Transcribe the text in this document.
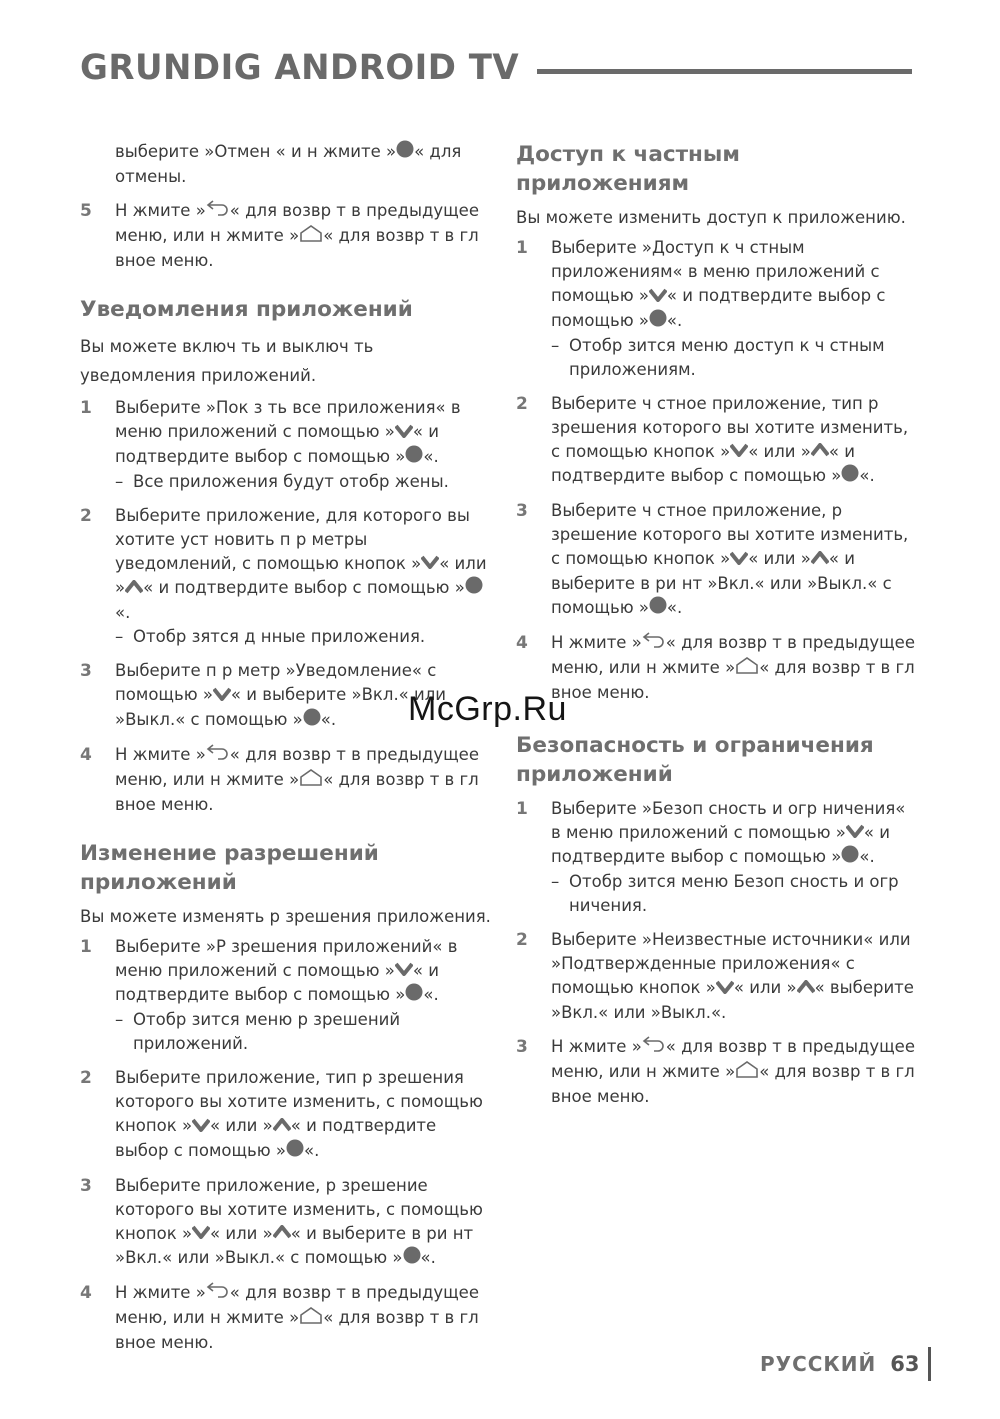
GRUNDIG ANDROID TV
выберите »Отмен « и н жмите » « для
отмены.
5	Н жмите » « для возвр т в предыдущее меню, или н жмите » « для возвр т в гл вное меню.
Уведомления приложений
Вы можете включ ть и выключ ть уведомления приложений.
1	Выберите »Пок з ть все приложения« в меню приложений с помощью » « и подтвердите выбор с помощью » «.
– Все приложения будут отобр жены.
2	Выберите приложение, для которого вы хотите уст новить п р метры уведомлений, с помощью кнопок » « или » « и подтвердите выбор с помощью »«.
– Отобр зятся д нные приложения.
3	Выберите п р метр »Уведомление« с помощью » « и выберите »Вкл.« или »Выкл.« с помощью » «.
4	Н жмите » « для возвр т в предыдущее меню, или н жмите » « для возвр т в гл вное меню.
Изменение разрешений приложений
Вы можете изменять р зрешения приложения.
1	Выберите »Р зрешения приложений« в меню приложений с помощью » « и подтвердите выбор с помощью » «.
– Отобр зится меню р зрешений приложений.
2	Выберите приложение, тип р зрешения которого вы хотите изменить, с помощью кнопок » « или » « и подтвердите выбор с помощью » «.
3	Выберите приложение, р зрешение которого вы хотите изменить, с помощью кнопок » « или » « и выберите в ри нт »Вкл.« или »Выкл.« с помощью » «.
4	Н жмите » « для возвр т в предыдущее меню, или н жмите » « для возвр т в гл вное меню.
Доступ к частным приложениям
Вы можете изменить доступ к приложению.
1	Выберите »Доступ к ч стным приложениям« в меню приложений с помощью » « и подтвердите выбор с помощью » «.
– Отобр зится меню доступ к ч стным приложениям.
2	Выберите ч стное приложение, тип р зрешения которого вы хотите изменить, с помощью кнопок » « или » « и подтвердите выбор с помощью » «.
3	Выберите ч стное приложение, р зрешение которого вы хотите изменить, с помощью кнопок » « или » « и выберите в ри нт »Вкл.« или »Выкл.« с помощью » «.
4	Н жмите » « для возвр т в предыдущее меню, или н жмите » « для возвр т в гл вное меню.
Безопасность и ограничения приложений
1	Выберите »Безоп сность и огр ничения« в меню приложений с помощью » « и подтвердите выбор с помощью » «.
– Отобр зится меню Безоп сность и огр ничения.
2	Выберите »Неизвестные источники« или »Подтвержденные приложения« с помощью кнопок » « или » « выберите »Вкл.« или »Выкл.«.
3	Н жмите » « для возвр т в предыдущее меню, или н жмите » « для возвр т в гл вное меню.
McGrp.Ru
РУССКИЙ 63
